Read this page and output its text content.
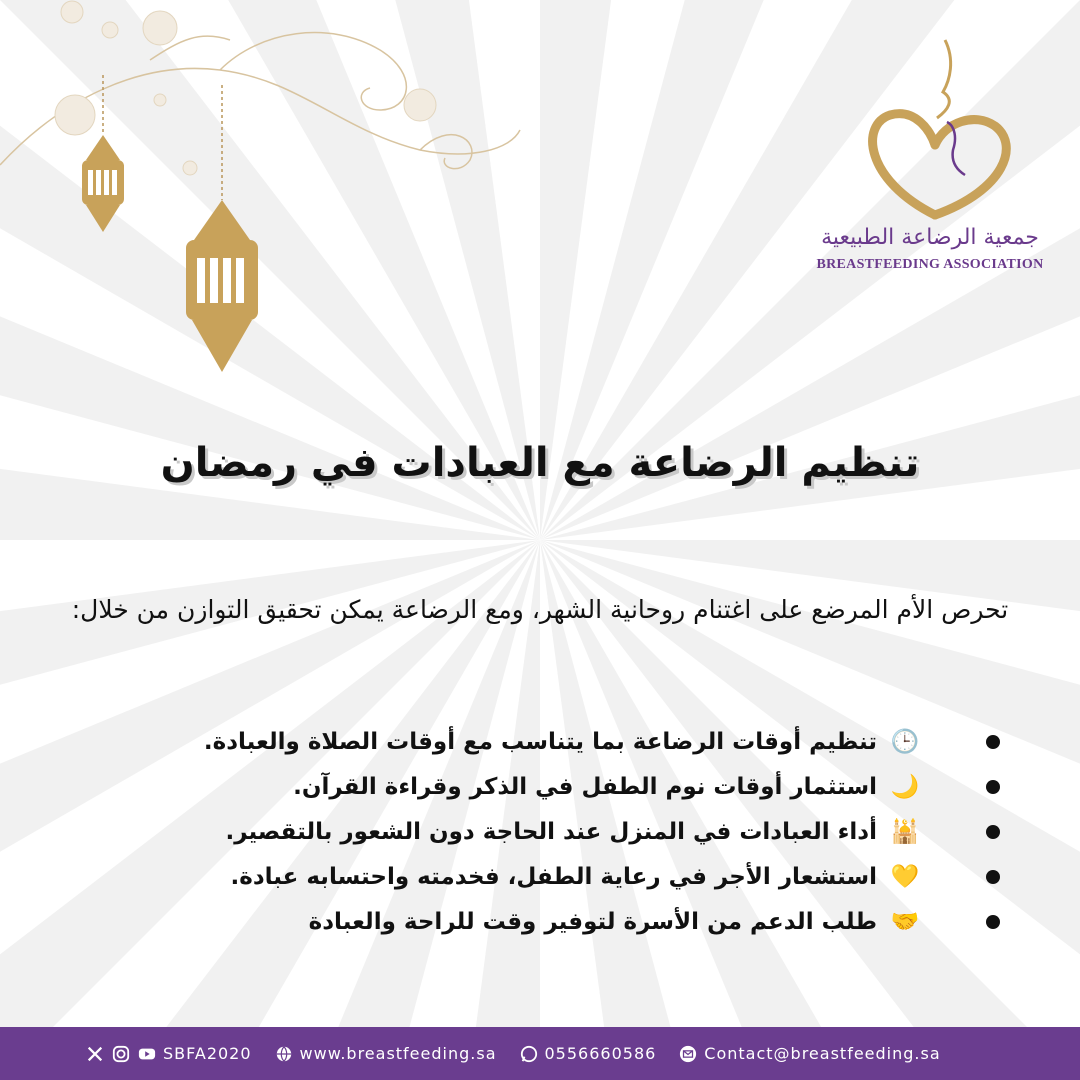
جمعية الرضاعة الطبيعية
BREASTFEEDING ASSOCIATION
تنظيم الرضاعة مع العبادات في رمضان

تحرص الأم المرضع على اغتنام روحانية الشهر، ومع الرضاعة يمكن تحقيق التوازن من خلال:

🕒 تنظيم أوقات الرضاعة بما يتناسب مع أوقات الصلاة والعبادة.
🌙 استثمار أوقات نوم الطفل في الذكر وقراءة القرآن.
🕌 أداء العبادات في المنزل عند الحاجة دون الشعور بالتقصير.
💛 استشعار الأجر في رعاية الطفل، فخدمته واحتسابه عبادة.
🤝 طلب الدعم من الأسرة لتوفير وقت للراحة والعبادة
SBFA2020	www.breastfeeding.sa	0556660586	Contact@breastfeeding.sa
